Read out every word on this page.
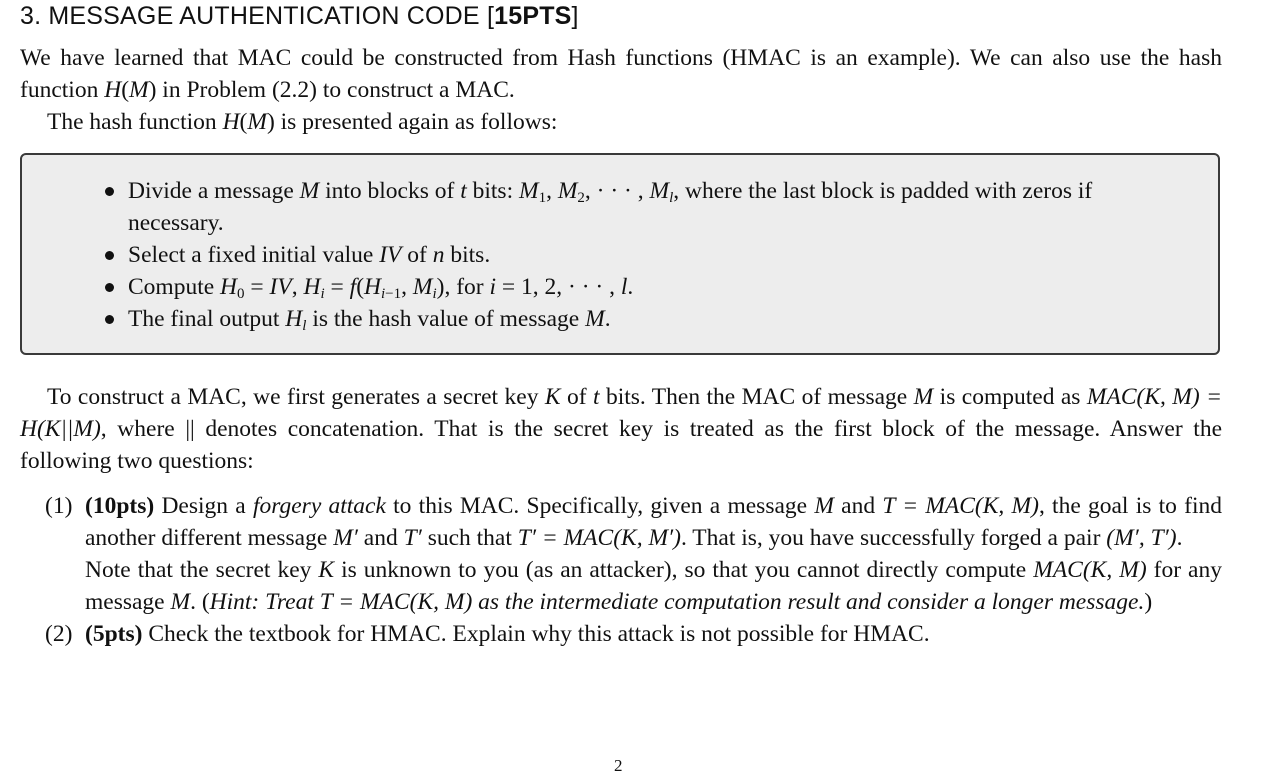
3. MESSAGE AUTHENTICATION CODE [15PTS]
We have learned that MAC could be constructed from Hash functions (HMAC is an example). We can also use the hash function H(M) in Problem (2.2) to construct a MAC.
The hash function H(M) is presented again as follows:
Divide a message M into blocks of t bits: $M_1$, $M_2$, · · · , $M_l$, where the last block is padded with zeros if necessary.
Select a fixed initial value IV of n bits.
Compute $H_0$ = IV, $H_i = f(H_{i-1}$, $M_i$), for i = 1, 2, · · · , l.
The final output $H_l$ is the hash value of message M.
To construct a MAC, we first generates a secret key K of t bits. Then the MAC of message M is computed as MAC(K, M) = H(K||M), where || denotes concatenation. That is the secret key is treated as the first block of the message. Answer the following two questions:
(1) (10pts) Design a forgery attack to this MAC. Specifically, given a message M and T = MAC(K, M), the goal is to find another different message M′ and T′ such that T′ = MAC(K, M′). That is, you have successfully forged a pair (M′, T′).
Note that the secret key K is unknown to you (as an attacker), so that you cannot directly compute MAC(K, M) for any message M. (Hint: Treat T = MAC(K, M) as the intermediate computation result and consider a longer message.)
(2) (5pts) Check the textbook for HMAC. Explain why this attack is not possible for HMAC.
2
